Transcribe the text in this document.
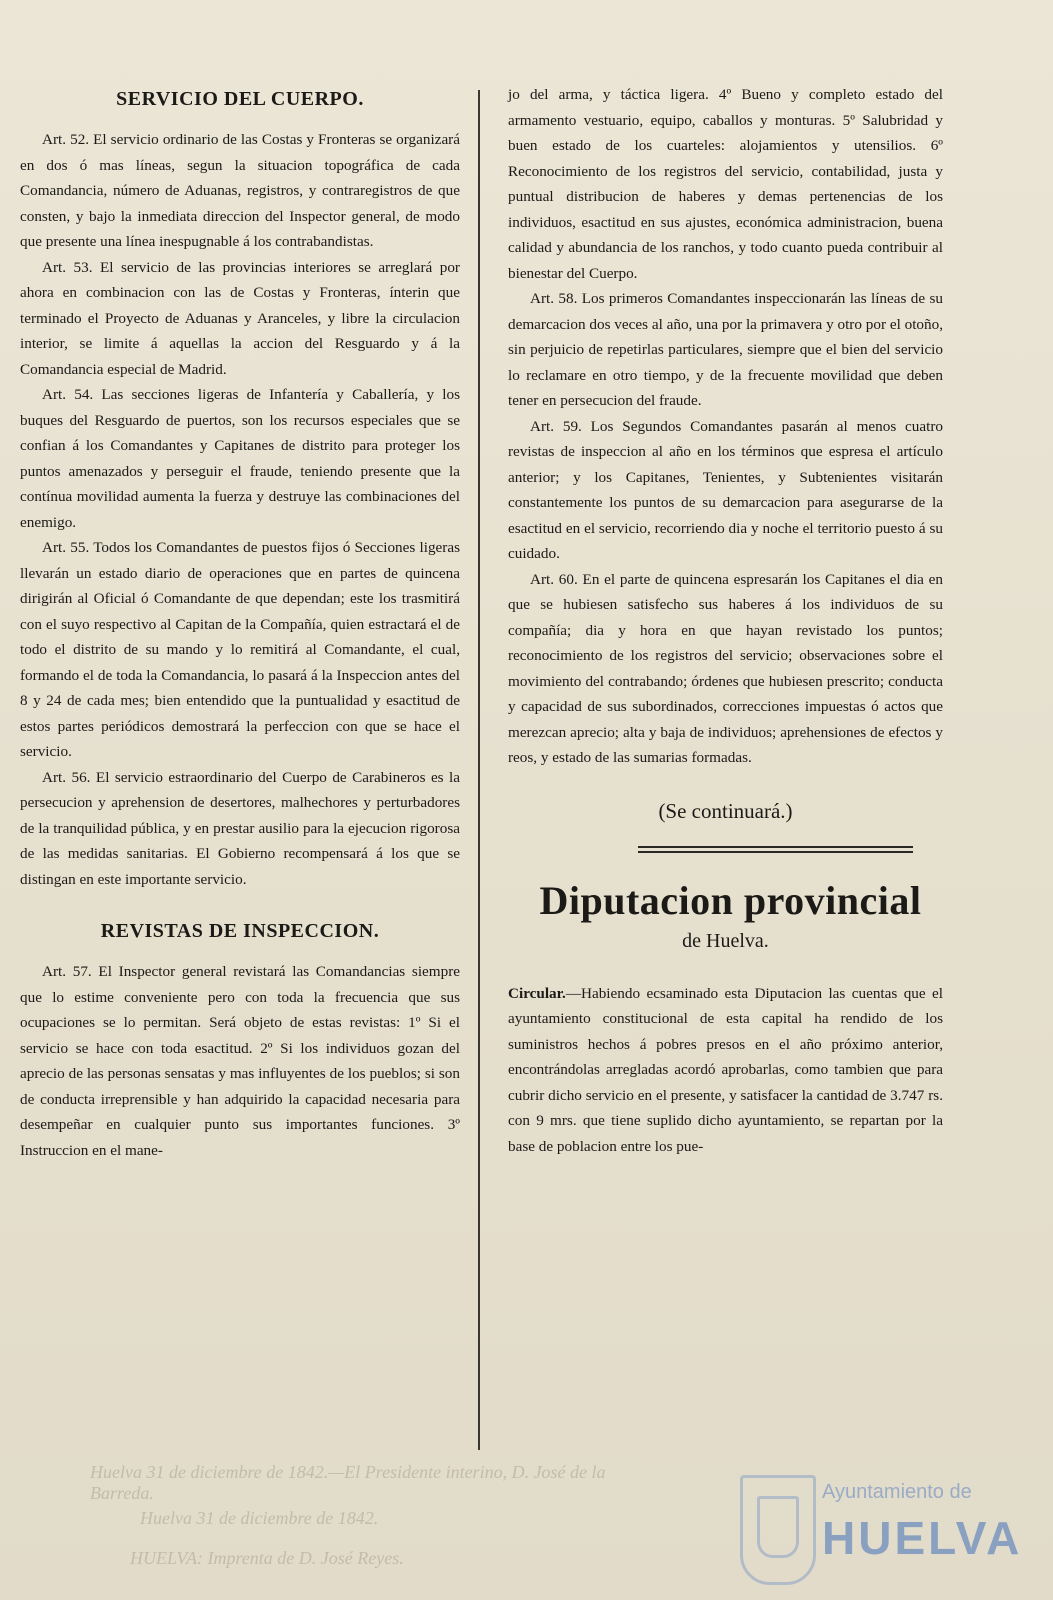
SERVICIO DEL CUERPO.

Art. 52. El servicio ordinario de las Costas y Fronteras se organizará en dos ó mas líneas, segun la situacion topográfica de cada Comandancia, número de Aduanas, registros, y contraregistros de que consten, y bajo la inmediata direccion del Inspector general, de modo que presente una línea inespugnable á los contrabandistas.

Art. 53. El servicio de las provincias interiores se arreglará por ahora en combinacion con las de Costas y Fronteras, ínterin que terminado el Proyecto de Aduanas y Aranceles, y libre la circulacion interior, se limite á aquellas la accion del Resguardo y á la Comandancia especial de Madrid.

Art. 54. Las secciones ligeras de Infantería y Caballería, y los buques del Resguardo de puertos, son los recursos especiales que se confian á los Comandantes y Capitanes de distrito para proteger los puntos amenazados y perseguir el fraude, teniendo presente que la contínua movilidad aumenta la fuerza y destruye las combinaciones del enemigo.

Art. 55. Todos los Comandantes de puestos fijos ó Secciones ligeras llevarán un estado diario de operaciones que en partes de quincena dirigirán al Oficial ó Comandante de que dependan; este los trasmitirá con el suyo respectivo al Capitan de la Compañía, quien estractará el de todo el distrito de su mando y lo remitirá al Comandante, el cual, formando el de toda la Comandancia, lo pasará á la Inspeccion antes del 8 y 24 de cada mes; bien entendido que la puntualidad y esactitud de estos partes periódicos demostrará la perfeccion con que se hace el servicio.

Art. 56. El servicio estraordinario del Cuerpo de Carabineros es la persecucion y aprehension de desertores, malhechores y perturbadores de la tranquilidad pública, y en prestar ausilio para la ejecucion rigorosa de las medidas sanitarias. El Gobierno recompensará á los que se distingan en este importante servicio.

REVISTAS DE INSPECCION.

Art. 57. El Inspector general revistará las Comandancias siempre que lo estime conveniente pero con toda la frecuencia que sus ocupaciones se lo permitan. Será objeto de estas revistas: 1º Si el servicio se hace con toda esactitud. 2º Si los individuos gozan del aprecio de las personas sensatas y mas influyentes de los pueblos; si son de conducta irreprensible y han adquirido la capacidad necesaria para desempeñar en cualquier punto sus importantes funciones. 3º Instruccion en el mane-

jo del arma, y táctica ligera. 4º Bueno y completo estado del armamento vestuario, equipo, caballos y monturas. 5º Salubridad y buen estado de los cuarteles: alojamientos y utensilios. 6º Reconocimiento de los registros del servicio, contabilidad, justa y puntual distribucion de haberes y demas pertenencias de los individuos, esactitud en sus ajustes, económica administracion, buena calidad y abundancia de los ranchos, y todo cuanto pueda contribuir al bienestar del Cuerpo.

Art. 58. Los primeros Comandantes inspeccionarán las líneas de su demarcacion dos veces al año, una por la primavera y otro por el otoño, sin perjuicio de repetirlas particulares, siempre que el bien del servicio lo reclamare en otro tiempo, y de la frecuente movilidad que deben tener en persecucion del fraude.

Art. 59. Los Segundos Comandantes pasarán al menos cuatro revistas de inspeccion al año en los términos que espresa el artículo anterior; y los Capitanes, Tenientes, y Subtenientes visitarán constantemente los puntos de su demarcacion para asegurarse de la esactitud en el servicio, recorriendo dia y noche el territorio puesto á su cuidado.

Art. 60. En el parte de quincena espresarán los Capitanes el dia en que se hubiesen satisfecho sus haberes á los individuos de su compañía; dia y hora en que hayan revistado los puntos; reconocimiento de los registros del servicio; observaciones sobre el movimiento del contrabando; órdenes que hubiesen prescrito; conducta y capacidad de sus subordinados, correcciones impuestas ó actos que merezcan aprecio; alta y baja de individuos; aprehensiones de efectos y reos, y estado de las sumarias formadas.

(Se continuará.)
Diputacion provincial
de Huelva.

Circular.—Habiendo ecsaminado esta Diputacion las cuentas que el ayuntamiento constitucional de esta capital ha rendido de los suministros hechos á pobres presos en el año próximo anterior, encontrándolas arregladas acordó aprobarlas, como tambien que para cubrir dicho servicio en el presente, y satisfacer la cantidad de 3.747 rs. con 9 mrs. que tiene suplido dicho ayuntamiento, se repartan por la base de poblacion entre los pue-

Huelva 31 de diciembre de 1842.—El Presidente interino, D. José de la Barreda.
Huelva 31 de diciembre de 1842.
HUELVA: Imprenta de D. José Reyes.
Ayuntamiento de
HUELVA
